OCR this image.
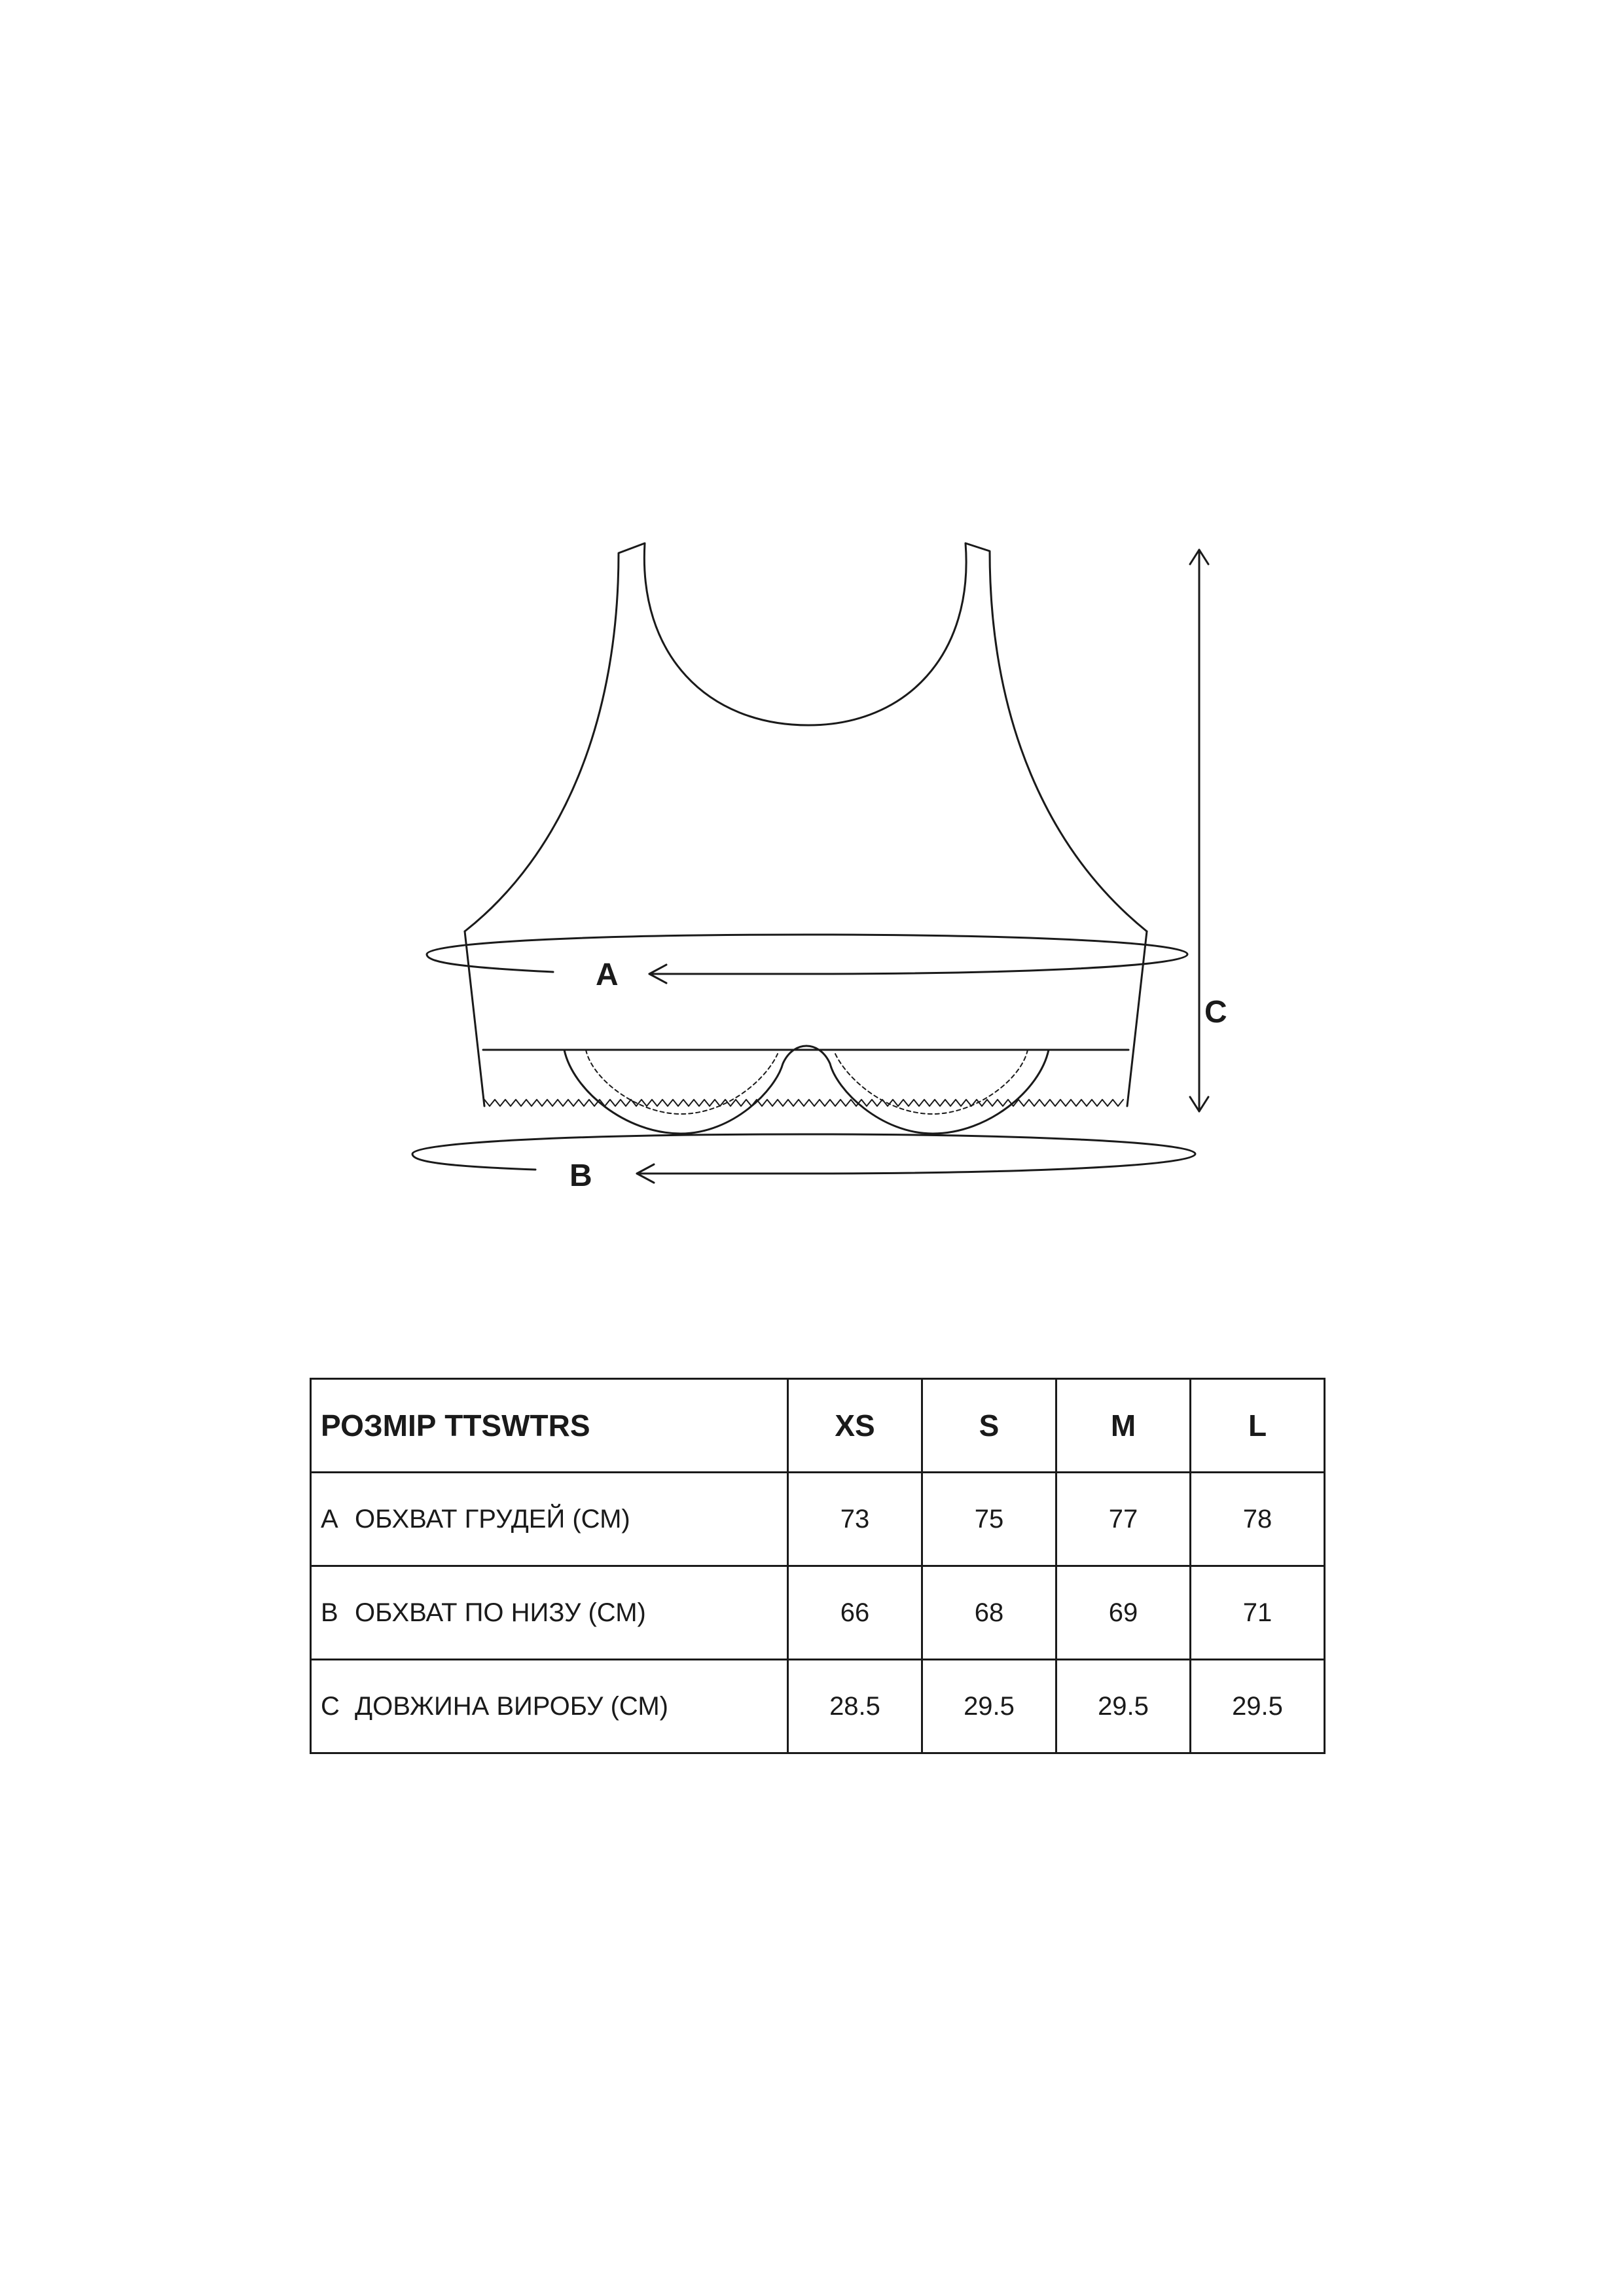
A
B
C
РОЗМІР TTSWTRS	XS	S	M	L
A ОБХВАТ ГРУДЕЙ (СМ)	73	75	77	78
B ОБХВАТ ПО НИЗУ (СМ)	66	68	69	71
C ДОВЖИНА ВИРОБУ (СМ)	28.5	29.5	29.5	29.5
